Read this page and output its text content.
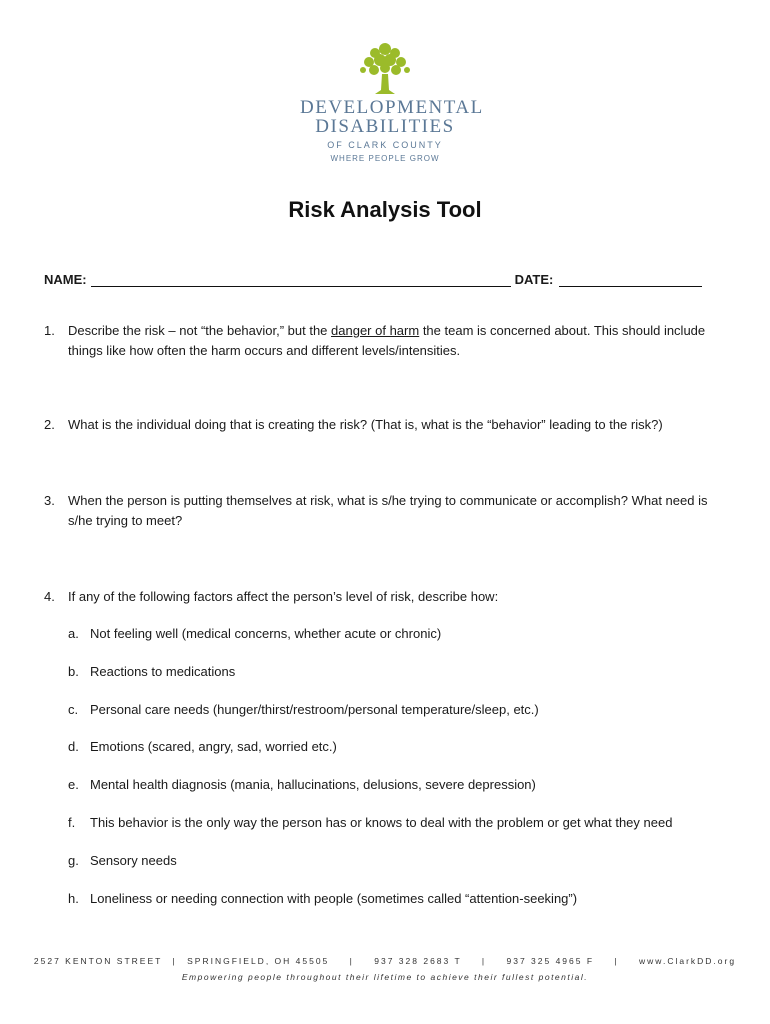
DEVELOPMENTAL
DISABILITIES
OF CLARK COUNTY
WHERE PEOPLE GROW
Risk Analysis Tool
NAME:	DATE:
1.	Describe the risk – not “the behavior,” but the danger of harm the team is concerned about. This should include things like how often the harm occurs and different levels/intensities.
2.	What is the individual doing that is creating the risk? (That is, what is the “behavior” leading to the risk?)
3.	When the person is putting themselves at risk, what is s/he trying to communicate or accomplish? What need is s/he trying to meet?
4.	If any of the following factors affect the person’s level of risk, describe how:
a. Not feeling well (medical concerns, whether acute or chronic)
b. Reactions to medications
c. Personal care needs (hunger/thirst/restroom/personal temperature/sleep, etc.)
d. Emotions (scared, angry, sad, worried etc.)
e. Mental health diagnosis (mania, hallucinations, delusions, severe depression)
f.	This behavior is the only way the person has or knows to deal with the problem or get what they need
g. Sensory needs
h. Loneliness or needing connection with people (sometimes called “attention-seeking”)
2527 KENTON STREET | SPRINGFIELD, OH 45505 | 937 328 2683 T | 937 325 4965 F | www.ClarkDD.org
Empowering people throughout their lifetime to achieve their fullest potential.
